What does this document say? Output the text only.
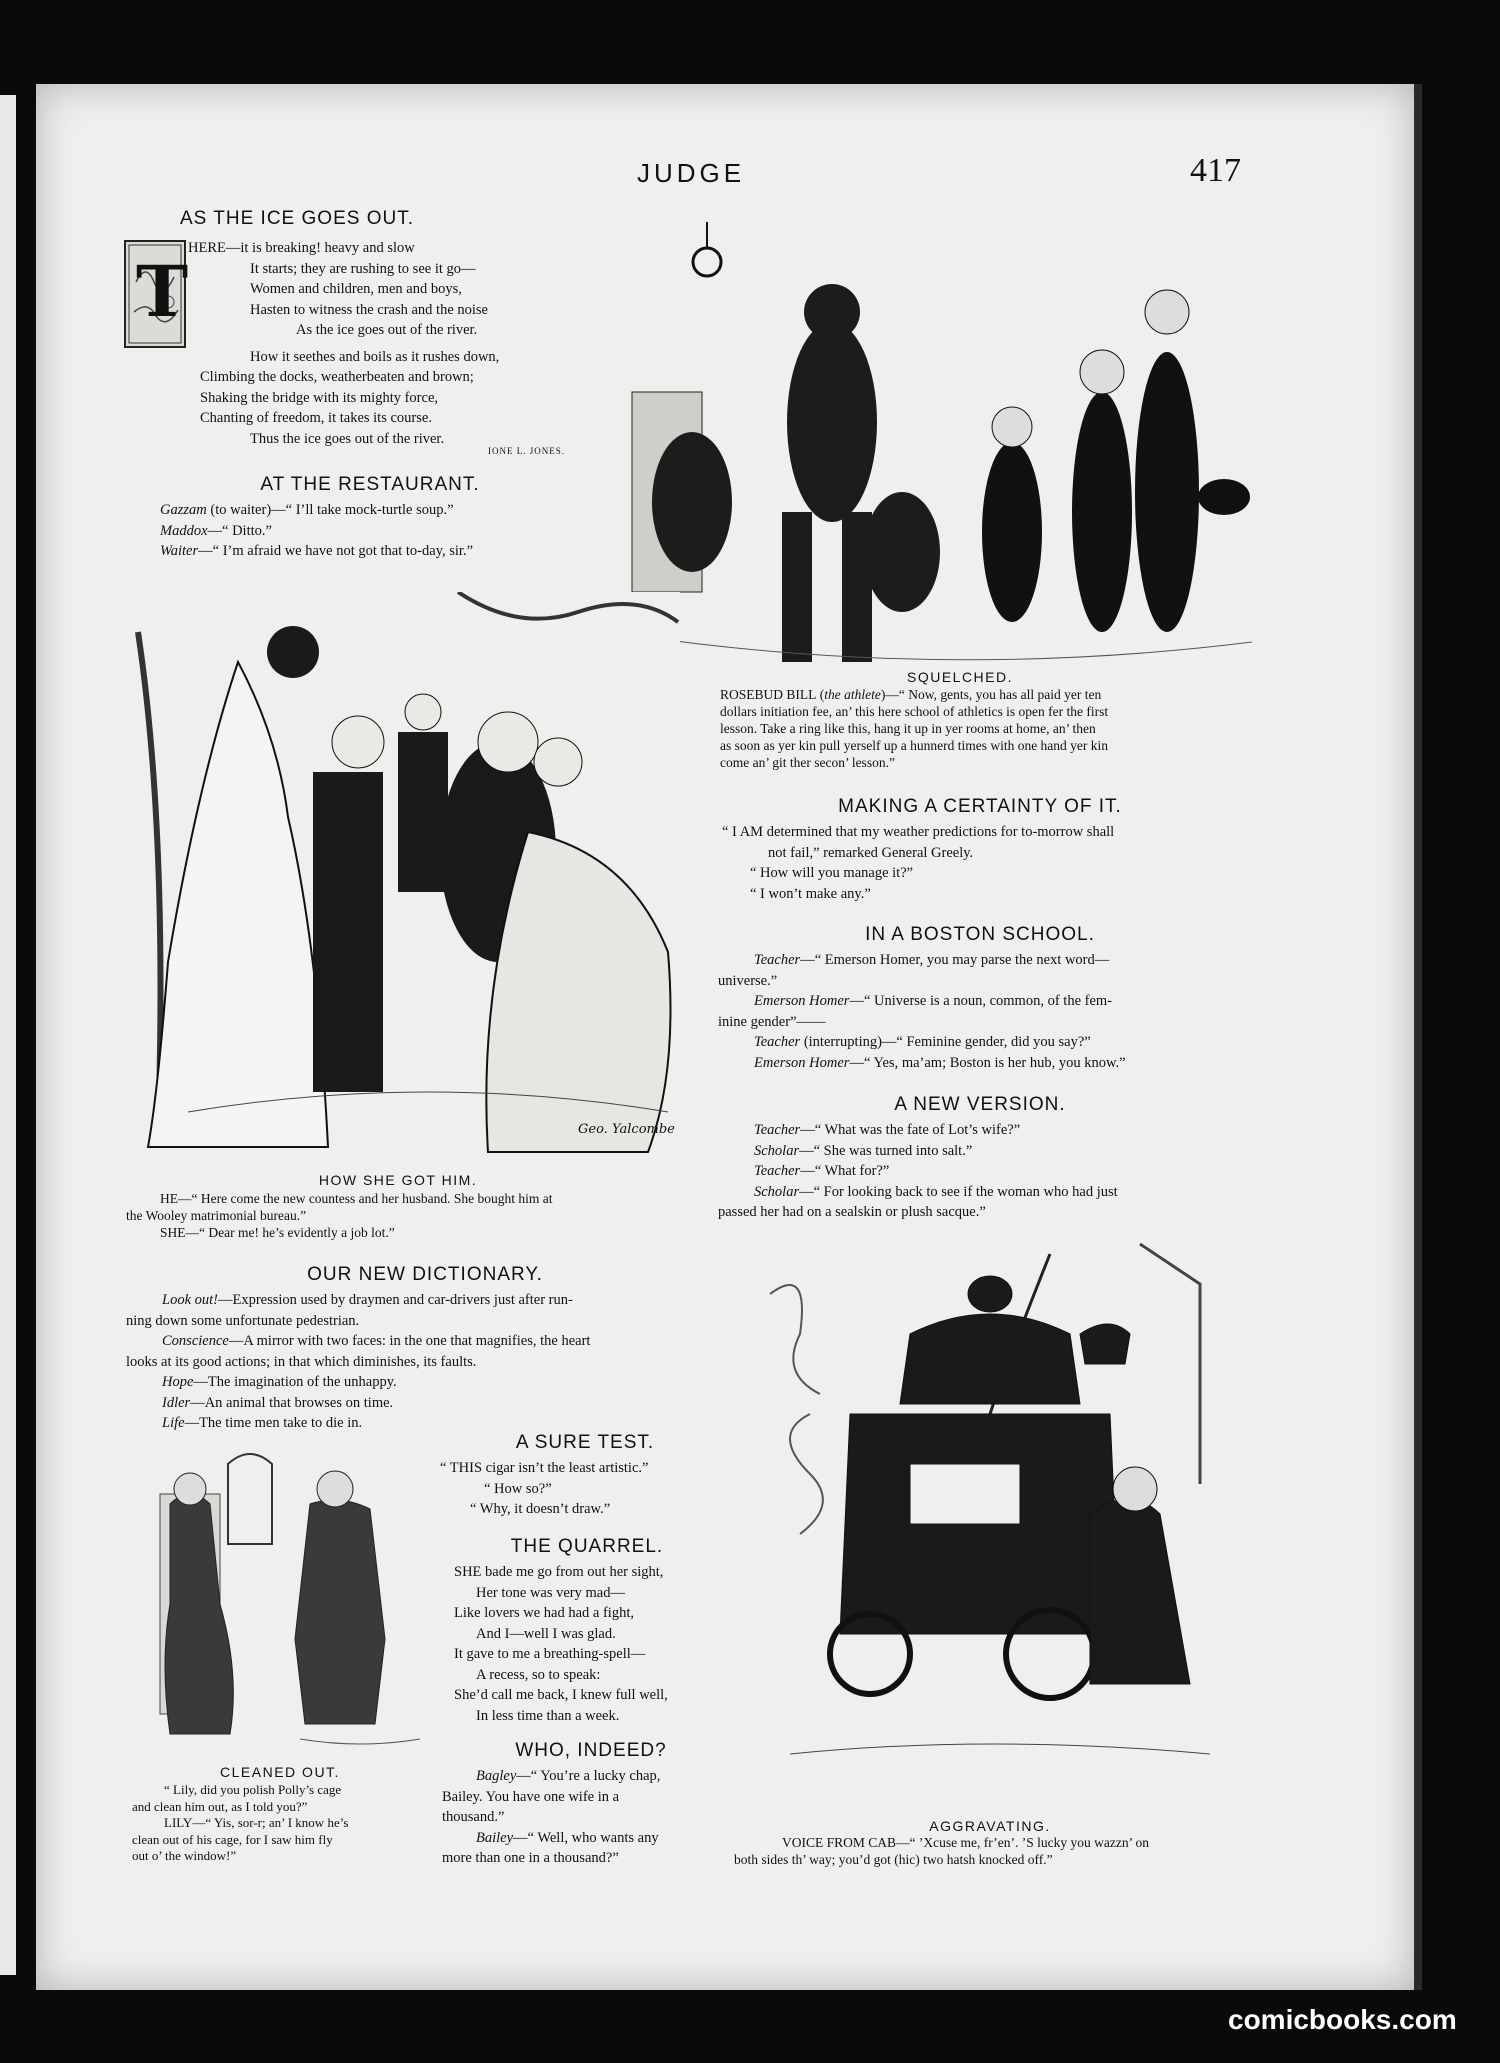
JUDGE	417
AS THE ICE GOES OUT.
T
HERE—it is breaking! heavy and slow
It starts; they are rushing to see it go—
Women and children, men and boys,
Hasten to witness the crash and the noise
As the ice goes out of the river.
How it seethes and boils as it rushes down,
Climbing the docks, weatherbeaten and brown;
Shaking the bridge with its mighty force,
Chanting of freedom, it takes its course.
Thus the ice goes out of the river.
IONE L. JONES.
AT THE RESTAURANT.
Gazzam (to waiter)—“ I’ll take mock-turtle soup.”
Maddox—“ Ditto.”
Waiter—“ I’m afraid we have not got that to-day, sir.”
SQUELCHED.
ROSEBUD BILL (the athlete)—“ Now, gents, you has all paid yer ten
dollars initiation fee, an’ this here school of athletics is open fer the first
lesson. Take a ring like this, hang it up in yer rooms at home, an’ then
as soon as yer kin pull yerself up a hunnerd times with one hand yer kin
come an’ git ther secon’ lesson.”
MAKING A CERTAINTY OF IT.
“ I AM determined that my weather predictions for to-morrow shall
not fail,” remarked General Greely.
“ How will you manage it?”
“ I won’t make any.”
IN A BOSTON SCHOOL.
Teacher—“ Emerson Homer, you may parse the next word—
universe.”
Emerson Homer—“ Universe is a noun, common, of the fem-
inine gender”——
Teacher (interrupting)—“ Feminine gender, did you say?”
Emerson Homer—“ Yes, ma’am; Boston is her hub, you know.”
A NEW VERSION.
Teacher—“ What was the fate of Lot’s wife?”
Scholar—“ She was turned into salt.”
Teacher—“ What for?”
Scholar—“ For looking back to see if the woman who had just
passed her had on a sealskin or plush sacque.”
Geo. Yalcombe
HOW SHE GOT HIM.
HE—“ Here come the new countess and her husband. She bought him at
the Wooley matrimonial bureau.”
SHE—“ Dear me! he’s evidently a job lot.”
OUR NEW DICTIONARY.
Look out!—Expression used by draymen and car-drivers just after run-
ning down some unfortunate pedestrian.
Conscience—A mirror with two faces: in the one that magnifies, the heart
looks at its good actions; in that which diminishes, its faults.
Hope—The imagination of the unhappy.
Idler—An animal that browses on time.
Life—The time men take to die in.
CLEANED OUT.
“ Lily, did you polish Polly’s cage
and clean him out, as I told you?”
LILY—“ Yis, sor-r; an’ I know he’s
clean out of his cage, for I saw him fly
out o’ the window!”
A SURE TEST.
“ THIS cigar isn’t the least artistic.”
“ How so?”
“ Why, it doesn’t draw.”
THE QUARREL.
SHE bade me go from out her sight,
Her tone was very mad—
Like lovers we had had a fight,
And I—well I was glad.
It gave to me a breathing-spell—
A recess, so to speak:
She’d call me back, I knew full well,
In less time than a week.
WHO, INDEED?
Bagley—“ You’re a lucky chap,
Bailey. You have one wife in a
thousand.”
Bailey—“ Well, who wants any
more than one in a thousand?”
AGGRAVATING.
VOICE FROM CAB—“ ’Xcuse me, fr’en’. ’S lucky you wazzn’ on
both sides th’ way; you’d got (hic) two hatsh knocked off.”
comicbooks.com
